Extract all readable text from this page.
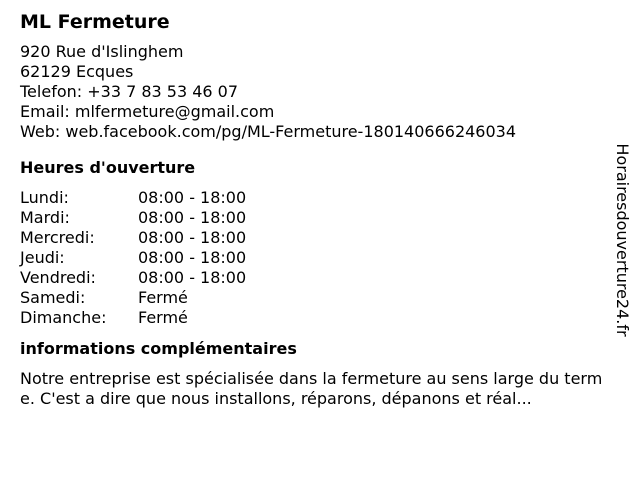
ML Fermeture
920 Rue d'Islinghem
62129 Ecques
Telefon: +33 7 83 53 46 07
Email: mlfermeture@gmail.com
Web: web.facebook.com/pg/ML-Fermeture-180140666246034
Heures d'ouverture
Lundi:	08:00 - 18:00
Mardi:	08:00 - 18:00
Mercredi:	08:00 - 18:00
Jeudi:	08:00 - 18:00
Vendredi:	08:00 - 18:00
Samedi:	Fermé
Dimanche:	Fermé
informations complémentaires
Notre entreprise est spécialisée dans la fermeture au sens large du terme. C'est a dire que nous installons, réparons, dépanons et réal...
Horairesdouverture24.fr
